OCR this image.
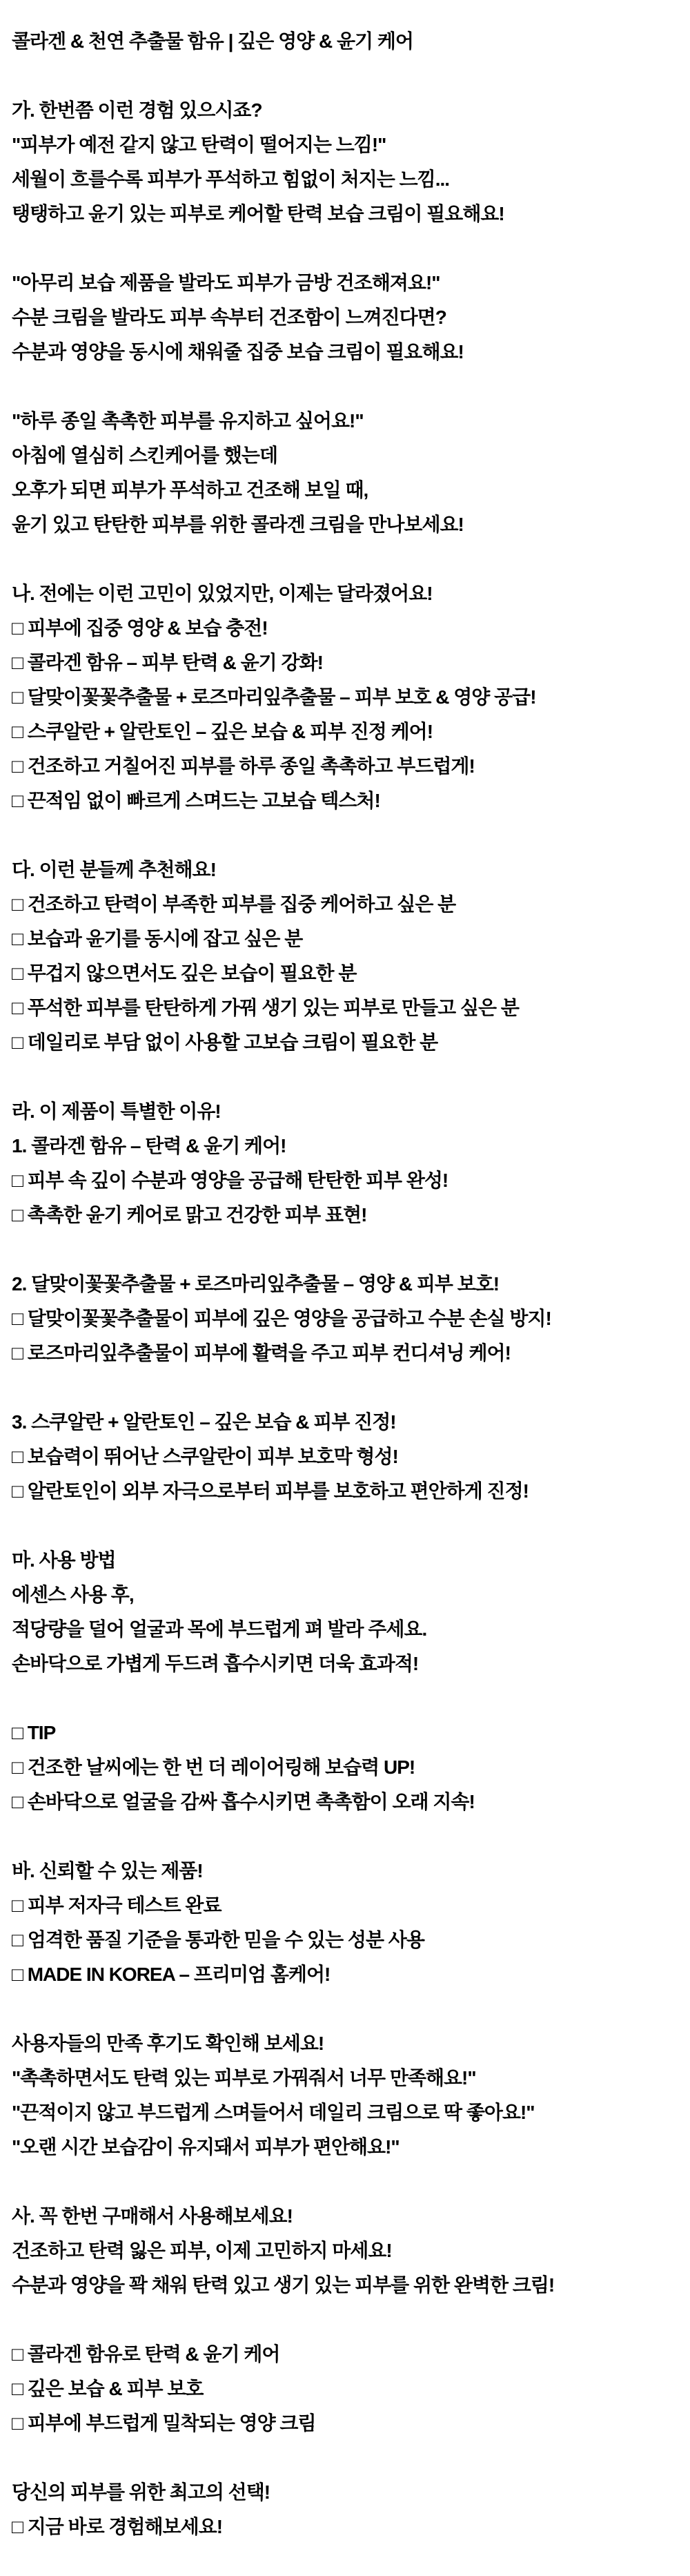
콜라겐 & 천연 추출물 함유 | 깊은 영양 & 윤기 케어
가. 한번쯤 이런 경험 있으시죠?
"피부가 예전 같지 않고 탄력이 떨어지는 느낌!"
세월이 흐를수록 피부가 푸석하고 힘없이 처지는 느낌...
탱탱하고 윤기 있는 피부로 케어할 탄력 보습 크림이 필요해요!
"아무리 보습 제품을 발라도 피부가 금방 건조해져요!"
수분 크림을 발라도 피부 속부터 건조함이 느껴진다면?
수분과 영양을 동시에 채워줄 집중 보습 크림이 필요해요!
"하루 종일 촉촉한 피부를 유지하고 싶어요!"
아침에 열심히 스킨케어를 했는데
오후가 되면 피부가 푸석하고 건조해 보일 때,
윤기 있고 탄탄한 피부를 위한 콜라겐 크림을 만나보세요!
나. 전에는 이런 고민이 있었지만, 이제는 달라졌어요!
□ 피부에 집중 영양 & 보습 충전!
□ 콜라겐 함유 – 피부 탄력 & 윤기 강화!
□ 달맞이꽃꽃추출물 + 로즈마리잎추출물 – 피부 보호 & 영양 공급!
□ 스쿠알란 + 알란토인 – 깊은 보습 & 피부 진정 케어!
□ 건조하고 거칠어진 피부를 하루 종일 촉촉하고 부드럽게!
□ 끈적임 없이 빠르게 스며드는 고보습 텍스처!
다. 이런 분들께 추천해요!
□ 건조하고 탄력이 부족한 피부를 집중 케어하고 싶은 분
□ 보습과 윤기를 동시에 잡고 싶은 분
□ 무겁지 않으면서도 깊은 보습이 필요한 분
□ 푸석한 피부를 탄탄하게 가꿔 생기 있는 피부로 만들고 싶은 분
□ 데일리로 부담 없이 사용할 고보습 크림이 필요한 분
라. 이 제품이 특별한 이유!
1. 콜라겐 함유 – 탄력 & 윤기 케어!
□ 피부 속 깊이 수분과 영양을 공급해 탄탄한 피부 완성!
□ 촉촉한 윤기 케어로 맑고 건강한 피부 표현!
2. 달맞이꽃꽃추출물 + 로즈마리잎추출물 – 영양 & 피부 보호!
□ 달맞이꽃꽃추출물이 피부에 깊은 영양을 공급하고 수분 손실 방지!
□ 로즈마리잎추출물이 피부에 활력을 주고 피부 컨디셔닝 케어!
3. 스쿠알란 + 알란토인 – 깊은 보습 & 피부 진정!
□ 보습력이 뛰어난 스쿠알란이 피부 보호막 형성!
□ 알란토인이 외부 자극으로부터 피부를 보호하고 편안하게 진정!
마. 사용 방법
에센스 사용 후,
적당량을 덜어 얼굴과 목에 부드럽게 펴 발라 주세요.
손바닥으로 가볍게 두드려 흡수시키면 더욱 효과적!
□ TIP
□ 건조한 날씨에는 한 번 더 레이어링해 보습력 UP!
□ 손바닥으로 얼굴을 감싸 흡수시키면 촉촉함이 오래 지속!
바. 신뢰할 수 있는 제품!
□ 피부 저자극 테스트 완료
□ 엄격한 품질 기준을 통과한 믿을 수 있는 성분 사용
□ MADE IN KOREA – 프리미엄 홈케어!
사용자들의 만족 후기도 확인해 보세요!
"촉촉하면서도 탄력 있는 피부로 가꿔줘서 너무 만족해요!"
"끈적이지 않고 부드럽게 스며들어서 데일리 크림으로 딱 좋아요!"
"오랜 시간 보습감이 유지돼서 피부가 편안해요!"
사. 꼭 한번 구매해서 사용해보세요!
건조하고 탄력 잃은 피부, 이제 고민하지 마세요!
수분과 영양을 꽉 채워 탄력 있고 생기 있는 피부를 위한 완벽한 크림!
□ 콜라겐 함유로 탄력 & 윤기 케어
□ 깊은 보습 & 피부 보호
□ 피부에 부드럽게 밀착되는 영양 크림
당신의 피부를 위한 최고의 선택!
□ 지금 바로 경험해보세요!
